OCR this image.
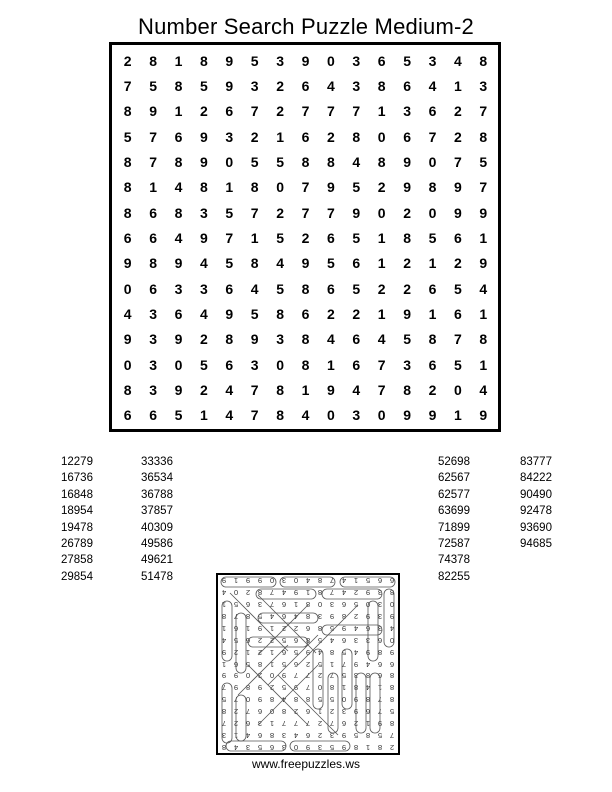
Number Search Puzzle Medium-2
2	8	1	8	9	5	3	9	0	3	6	5	3	4	8
7	5	8	5	9	3	2	6	4	3	8	6	4	1	3
8	9	1	2	6	7	2	7	7	7	1	3	6	2	7
5	7	6	9	3	2	1	6	2	8	0	6	7	2	8
8	7	8	9	0	5	5	8	8	4	8	9	0	7	5
8	1	4	8	1	8	0	7	9	5	2	9	8	9	7
8	6	8	3	5	7	2	7	7	9	0	2	0	9	9
6	6	4	9	7	1	5	2	6	5	1	8	5	6	1
9	8	9	4	5	8	4	9	5	6	1	2	1	2	9
0	6	3	3	6	4	5	8	6	5	2	2	6	5	4
4	3	6	4	9	5	8	6	2	2	1	9	1	6	1
9	3	9	2	8	9	3	8	4	6	4	5	8	7	8
0	3	0	5	6	3	0	8	1	6	7	3	6	5	1
8	3	9	2	4	7	8	1	9	4	7	8	2	0	4
6	6	5	1	4	7	8	4	0	3	0	9	9	1	9
12279
16736
16848
18954
19478
26789
27858
29854
33336
36534
36788
37857
40309
49586
49621
51478
52698
62567
62577
63699
71899
72587
74378
82255
83777
84222
90490
92478
93690
94685
2
8
1
8
9
5
3
9
0
3
6
5
3
4
8
7
5
8
5
9
3
2
6
4
3
8
6
4
1
3
8
9
1
2
6
7
2
7
7
7
1
3
6
2
7
5
7
6
9
3
2
1
6
2
8
0
6
7
2
8
8
7
8
9
0
5
5
8
8
4
8
9
0
7
5
8
1
4
8
1
8
0
7
9
5
2
9
8
9
7
8
6
8
3
5
7
2
7
7
9
0
2
0
9
9
6
6
4
9
7
1
5
2
6
5
1
8
5
6
1
9
8
9
4
5
8
4
9
5
6
1
2
1
2
9
0
6
3
3
6
4
5
8
6
5
2
2
6
5
4
4
3
6
4
9
5
8
6
2
2
1
9
1
6
1
9
3
9
2
8
9
3
8
4
6
4
5
8
7
8
0
3
0
5
6
3
0
8
1
6
7
3
6
5
1
8
3
9
2
4
7
8
1
9
4
7
8
2
0
4
6
6
5
1
4
7
8
4
0
3
0
9
9
1
9
www.freepuzzles.ws
